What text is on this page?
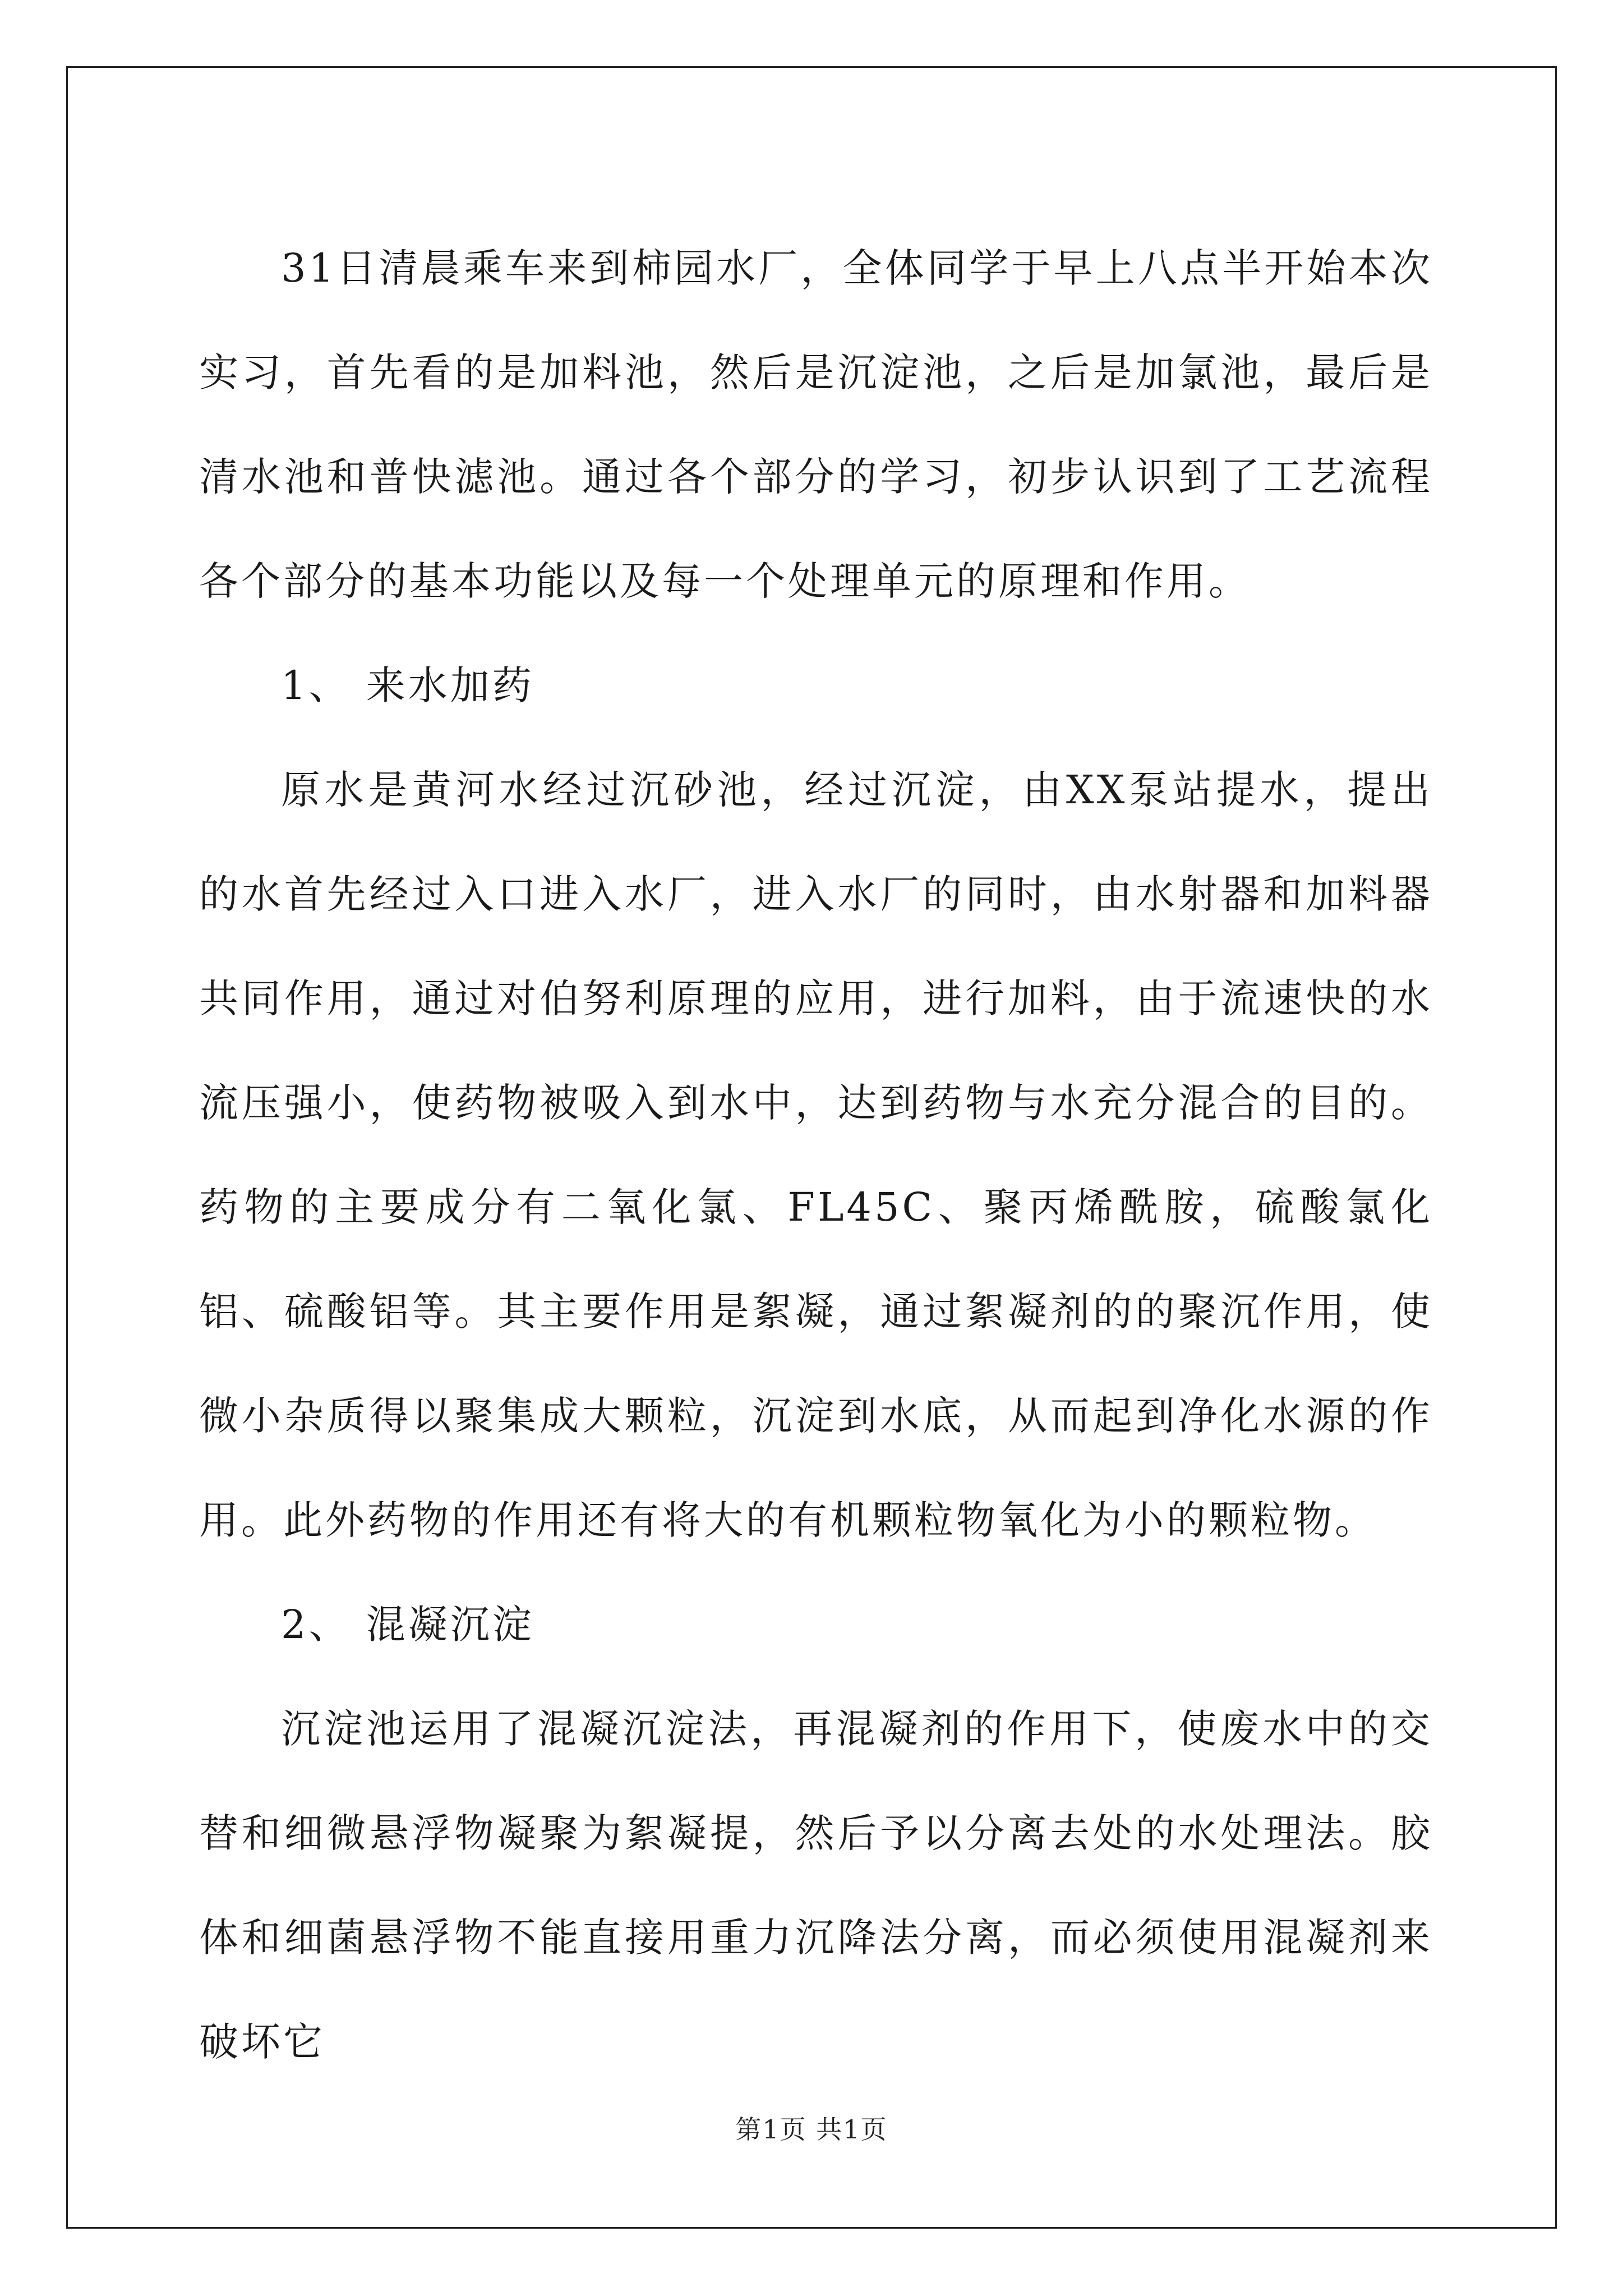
31日清晨乘车来到柿园水厂，全体同学于早上八点半开始本次实习，首先看的是加料池，然后是沉淀池，之后是加氯池，最后是清水池和普快滤池。通过各个部分的学习，初步认识到了工艺流程各个部分的基本功能以及每一个处理单元的原理和作用。

1、 来水加药

原水是黄河水经过沉砂池，经过沉淀，由XX泵站提水，提出的水首先经过入口进入水厂，进入水厂的同时，由水射器和加料器共同作用，通过对伯努利原理的应用，进行加料，由于流速快的水流压强小，使药物被吸入到水中，达到药物与水充分混合的目的。药物的主要成分有二氧化氯、FL45C、聚丙烯酰胺，硫酸氯化铝、硫酸铝等。其主要作用是絮凝，通过絮凝剂的的聚沉作用，使微小杂质得以聚集成大颗粒，沉淀到水底，从而起到净化水源的作用。此外药物的作用还有将大的有机颗粒物氧化为小的颗粒物。

2、 混凝沉淀

沉淀池运用了混凝沉淀法，再混凝剂的作用下，使废水中的交替和细微悬浮物凝聚为絮凝提，然后予以分离去处的水处理法。胶体和细菌悬浮物不能直接用重力沉降法分离，而必须使用混凝剂来破坏它

第1页 共1页
